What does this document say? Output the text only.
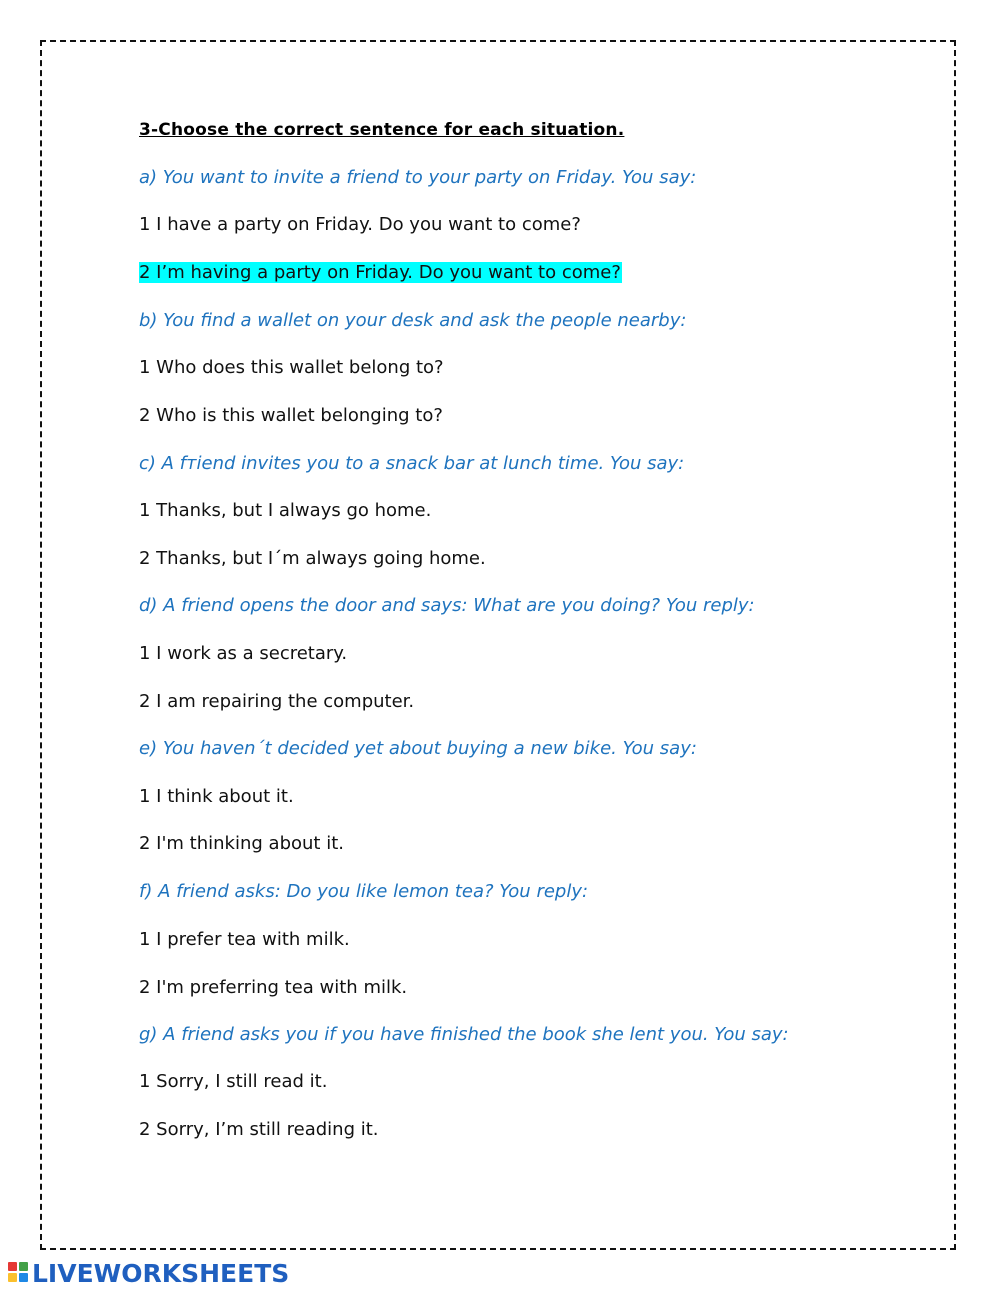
3-Choose the correct sentence for each situation.
a) You want to invite a friend to your party on Friday. You say:
1 I have a party on Friday. Do you want to come?
2 I’m having a party on Friday. Do you want to come?
b) You find a wallet on your desk and ask the people nearby:
1 Who does this wallet belong to?
2 Who is this wallet belonging to?
c) A fтiend invites you to a snack bar at lunch time. You say:
1 Thanks, but I always go home.
2 Thanks, but I´m always going home.
d) A friend opens the door and says: What are you doing? You reply:
1 I work as a secretary.
2 I am repairing the computer.
e) You haven´t decided yet about buying a new bike. You say:
1 I think about it.
2 I'm thinking about it.
f) A friend asks: Do you like lemon tea? You reply:
1 I prefer tea with milk.
2 I'm preferring tea with milk.
g) A friend asks you if you have finished the book she lent you. You say:
1 Sorry, I still read it.
2 Sorry, I’m still reading it.
LIVEWORKSHEETS
